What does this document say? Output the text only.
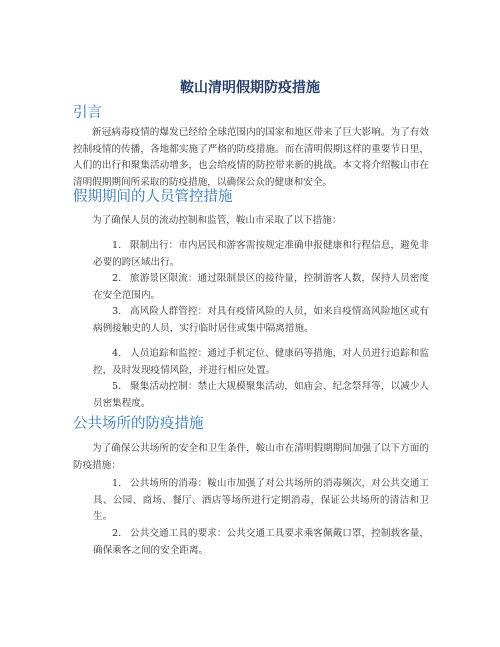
鞍山清明假期防疫措施
引言
新冠病毒疫情的爆发已经给全球范围内的国家和地区带来了巨大影响。为了有效控制疫情的传播，各地都实施了严格的防疫措施。而在清明假期这样的重要节日里，人们的出行和聚集活动增多，也会给疫情的防控带来新的挑战。本文将介绍鞍山市在清明假期期间所采取的防疫措施，以确保公众的健康和安全。
假期期间的人员管控措施
为了确保人员的流动控制和监管，鞍山市采取了以下措施：
1. 限制出行：市内居民和游客需按规定准确申报健康和行程信息，避免非必要的跨区域出行。
2. 旅游景区限流：通过限制景区的接待量，控制游客人数，保持人员密度在安全范围内。
3. 高风险人群管控：对具有疫情风险的人员，如来自疫情高风险地区或有病例接触史的人员，实行临时居住或集中隔离措施。
4. 人员追踪和监控：通过手机定位、健康码等措施，对人员进行追踪和监控，及时发现疫情风险，并进行相应处置。
5. 聚集活动控制：禁止大规模聚集活动，如庙会、纪念祭拜等，以减少人员密集程度。
公共场所的防疫措施
为了确保公共场所的安全和卫生条件，鞍山市在清明假期期间加强了以下方面的防疫措施：
1. 公共场所的消毒：鞍山市加强了对公共场所的消毒频次，对公共交通工具、公园、商场、餐厅、酒店等场所进行定期消毒，保证公共场所的清洁和卫生。
2. 公共交通工具的要求：公共交通工具要求乘客佩戴口罩，控制载客量，确保乘客之间的安全距离。
